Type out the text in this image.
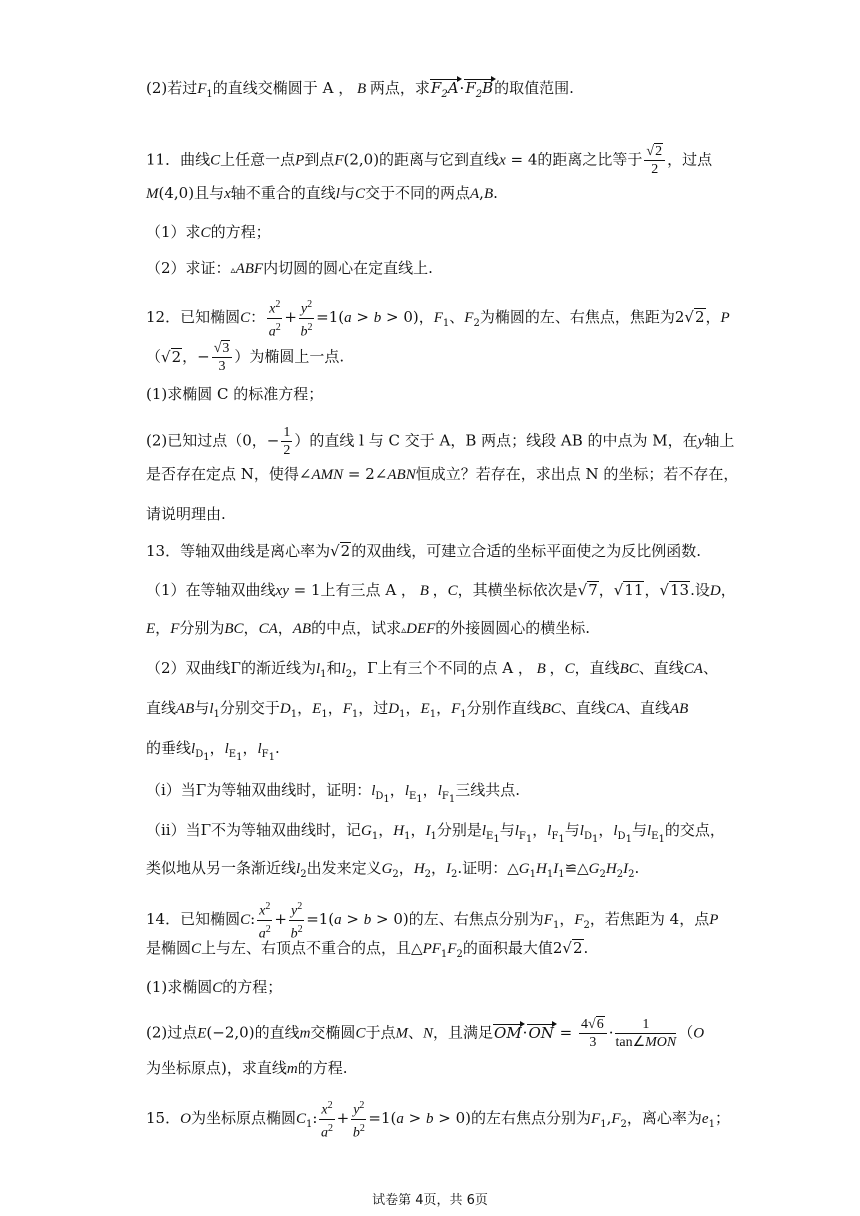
(2)若过$F_1$的直线交椭圆于 A ， B 两点，求$F_2A\cdot F_2B$的取值范围.
11．曲线C上任意一点P到点F(2,0)的距离与它到直线x = 4的距离之比等于 $\frac{√2}{2}$ ，过点
M(4,0)且与x轴不重合的直线l与C交于不同的两点A,B.
（1）求C的方程；
（2）求证：▵ABF内切圆的圆心在定直线上.
12．已知椭圆C： $\frac{x^2}{a^2} + \frac{y^2}{b^2} =1(a > b > 0)$，$F_1$、$F_2$为椭圆的左、右焦点，焦距为2√2，P
（√2，− $\frac{√3}{3}$ ）为椭圆上一点.
(1)求椭圆 C 的标准方程；
(2)已知过点（0，− $\frac{1}{2}$ ）的直线 l 与 C 交于 A，B 两点；线段 AB 的中点为 M，在y轴上
是否存在定点 N，使得∠AMN = 2∠ABN恒成立？若存在，求出点 N 的坐标；若不存在，
请说明理由.
13．等轴双曲线是离心率为√2的双曲线，可建立合适的坐标平面使之为反比例函数.
（1）在等轴双曲线xy = 1上有三点 A ， B ，C，其横坐标依次是√7，√11，√13.设D，
E，F分别为BC，CA，AB的中点，试求▵DEF的外接圆圆心的横坐标.
（2）双曲线Γ的渐近线为$l_1$和$l_2$，Γ上有三个不同的点 A ， B ，C，直线BC、直线CA、
直线AB与$l_1$分别交于$D_1$，$E_1$，$F_1$，过$D_1$，$E_1$，$F_1$分别作直线BC、直线CA、直线AB
的垂线$l_{D_1}$，$l_{E_1}$，$l_{F_1}$.
（i）当Γ为等轴双曲线时，证明：$l_{D_1}$，$l_{E_1}$，$l_{F_1}$三线共点.
（ii）当Γ不为等轴双曲线时，记$G_1$，$H_1$，$I_1$分别是$l_{E_1}$与$l_{F_1}$，$l_{F_1}$与$l_{D_1}$，$l_{D_1}$与$l_{E_1}$的交点，
类似地从另一条渐近线$l_2$出发来定义$G_2$，$H_2$，$I_2$.证明：$\triangle G_1H_1I_1≌\triangle G_2H_2I_2$.
14．已知椭圆C: $\frac{x^2}{a^2} + \frac{y^2}{b^2} =1(a > b > 0)$的左、右焦点分别为$F_1$，$F_2$，若焦距为 4，点P
是椭圆C上与左、右顶点不重合的点，且$\triangle PF_1F_2$的面积最大值2√2.
(1)求椭圆C的方程；
(2)过点E(−2,0)的直线m交椭圆C于点M、N，且满足$OM\cdot ON = \frac{4√6}{3} \cdot \frac{1}{\text{tan∠MON}} (O$
为坐标原点)，求直线m的方程.
15．O为坐标原点椭圆$C_1$: $\frac{x^2}{a^2} + \frac{y^2}{b^2} =1(a > b > 0)$的左右焦点分别为$F_1,F_2$，离心率为$e_1$；
试卷第 4页，共 6页
